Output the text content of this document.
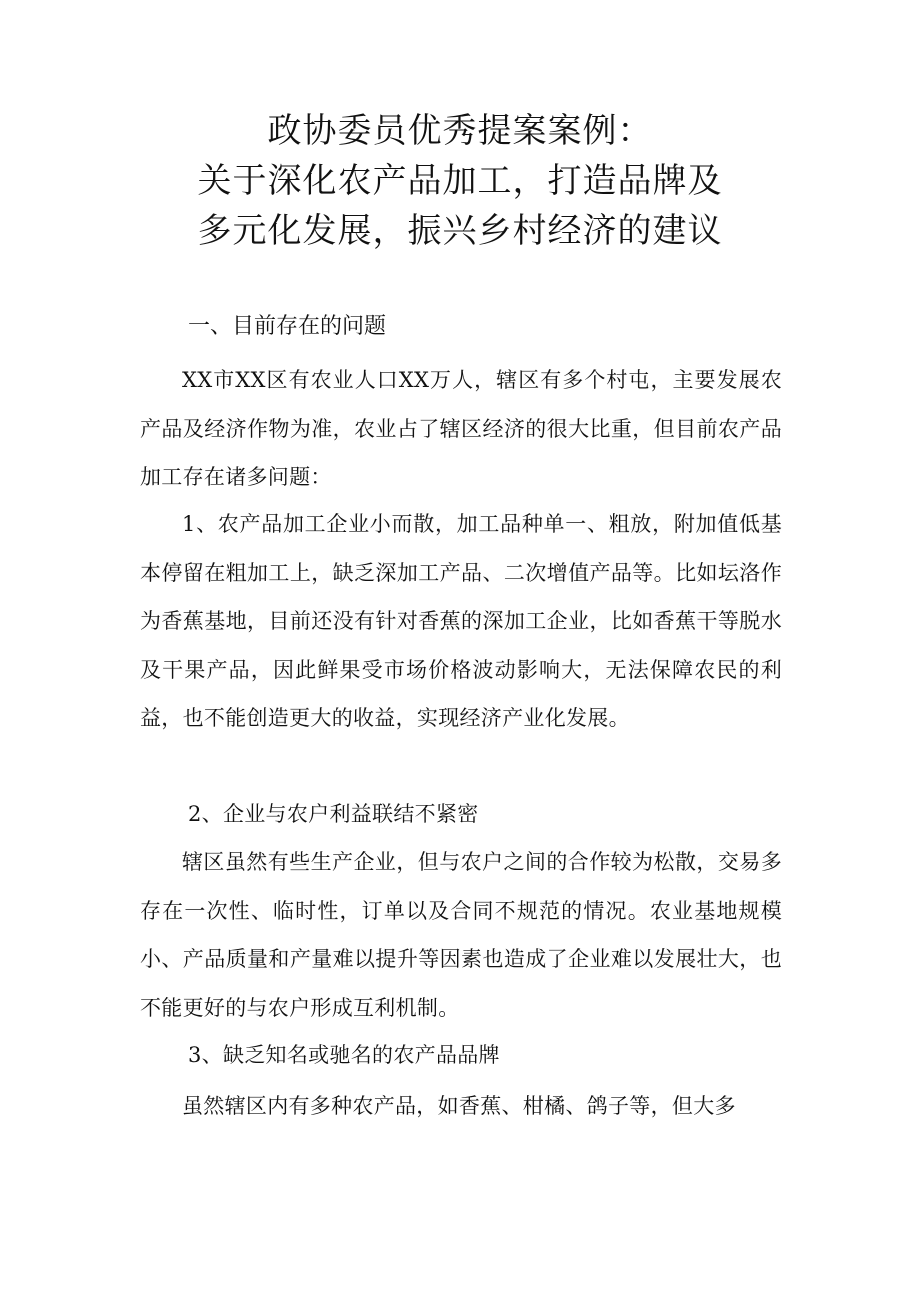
政协委员优秀提案案例：
关于深化农产品加工，打造品牌及
多元化发展，振兴乡村经济的建议
一、目前存在的问题
XX市XX区有农业人口XX万人，辖区有多个村屯，主要发展农产品及经济作物为准，农业占了辖区经济的很大比重，但目前农产品加工存在诸多问题：
1、农产品加工企业小而散，加工品种单一、粗放，附加值低基本停留在粗加工上，缺乏深加工产品、二次增值产品等。比如坛洛作为香蕉基地，目前还没有针对香蕉的深加工企业，比如香蕉干等脱水及干果产品，因此鲜果受市场价格波动影响大，无法保障农民的利益，也不能创造更大的收益，实现经济产业化发展。
2、企业与农户利益联结不紧密
辖区虽然有些生产企业，但与农户之间的合作较为松散，交易多存在一次性、临时性，订单以及合同不规范的情况。农业基地规模小、产品质量和产量难以提升等因素也造成了企业难以发展壮大，也不能更好的与农户形成互利机制。
3、缺乏知名或驰名的农产品品牌
虽然辖区内有多种农产品，如香蕉、柑橘、鸽子等，但大多
